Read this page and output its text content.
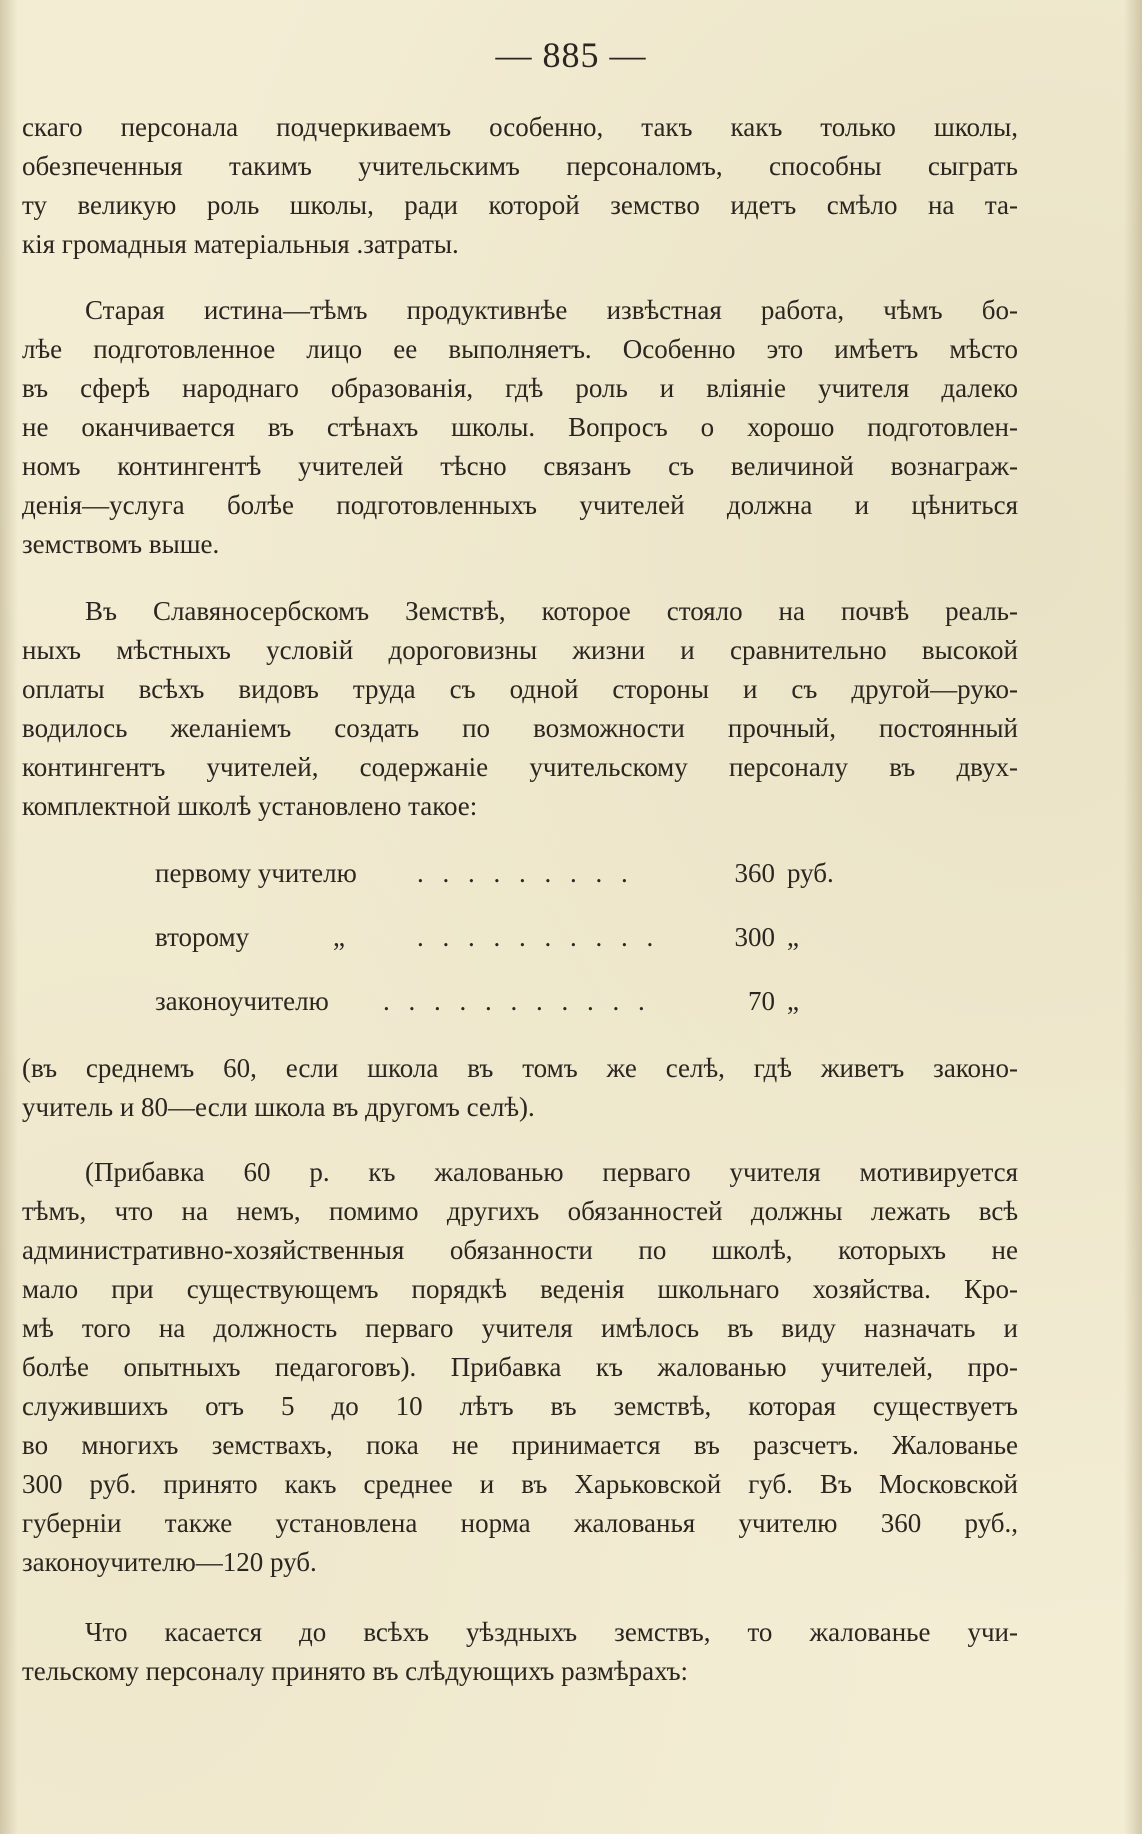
— 885 —
скаго персонала подчеркиваемъ особенно, такъ какъ только школы,
обезпеченныя такимъ учительскимъ персоналомъ, способны сыграть
ту великую роль школы, ради которой земство идетъ смѣло на та-
кія громадныя матеріальныя .затраты.
Старая истина—тѣмъ продуктивнѣе извѣстная работа, чѣмъ бо-
лѣе подготовленное лицо ее выполняетъ. Особенно это имѣетъ мѣсто
въ сферѣ народнаго образованія, гдѣ роль и вліяніе учителя далеко
не оканчивается въ стѣнахъ школы. Вопросъ о хорошо подготовлен-
номъ контингентѣ учителей тѣсно связанъ съ величиной вознаграж-
денія—услуга болѣе подготовленныхъ учителей должна и цѣниться
земствомъ выше.
Въ Славяносербскомъ Земствѣ, которое стояло на почвѣ реаль-
ныхъ мѣстныхъ условій дороговизны жизни и сравнительно высокой
оплаты всѣхъ видовъ труда съ одной стороны и съ другой—руко-
водилось желаніемъ создать по возможности прочный, постоянный
контингентъ учителей, содержаніе учительскому персоналу въ двух-
комплектной школѣ установлено такое:
первому учителю . . . . . . . . .	360 руб.
второму	„	. . . . . . . . . .	300 „
законоучителю . . . . . . . . . . .	70 „
(въ среднемъ 60, если школа въ томъ же селѣ, гдѣ живетъ законо-
учитель и 80—если школа въ другомъ селѣ).
(Прибавка 60 р. къ жалованью перваго учителя мотивируется
тѣмъ, что на немъ, помимо другихъ обязанностей должны лежать всѣ
административно-хозяйственныя обязанности по школѣ, которыхъ не
мало при существующемъ порядкѣ веденія школьнаго хозяйства. Кро-
мѣ того на должность перваго учителя имѣлось въ виду назначать и
болѣе опытныхъ педагоговъ). Прибавка къ жалованью учителей, про-
служившихъ отъ 5 до 10 лѣтъ въ земствѣ, которая существуетъ
во многихъ земствахъ, пока не принимается въ разсчетъ. Жалованье
300 руб. принято какъ среднее и въ Харьковской губ. Въ Московской
губерніи также установлена норма жалованья учителю 360 руб.,
законоучителю—120 руб.
Что касается до всѣхъ уѣздныхъ земствъ, то жалованье учи-
тельскому персоналу принято въ слѣдующихъ размѣрахъ:
